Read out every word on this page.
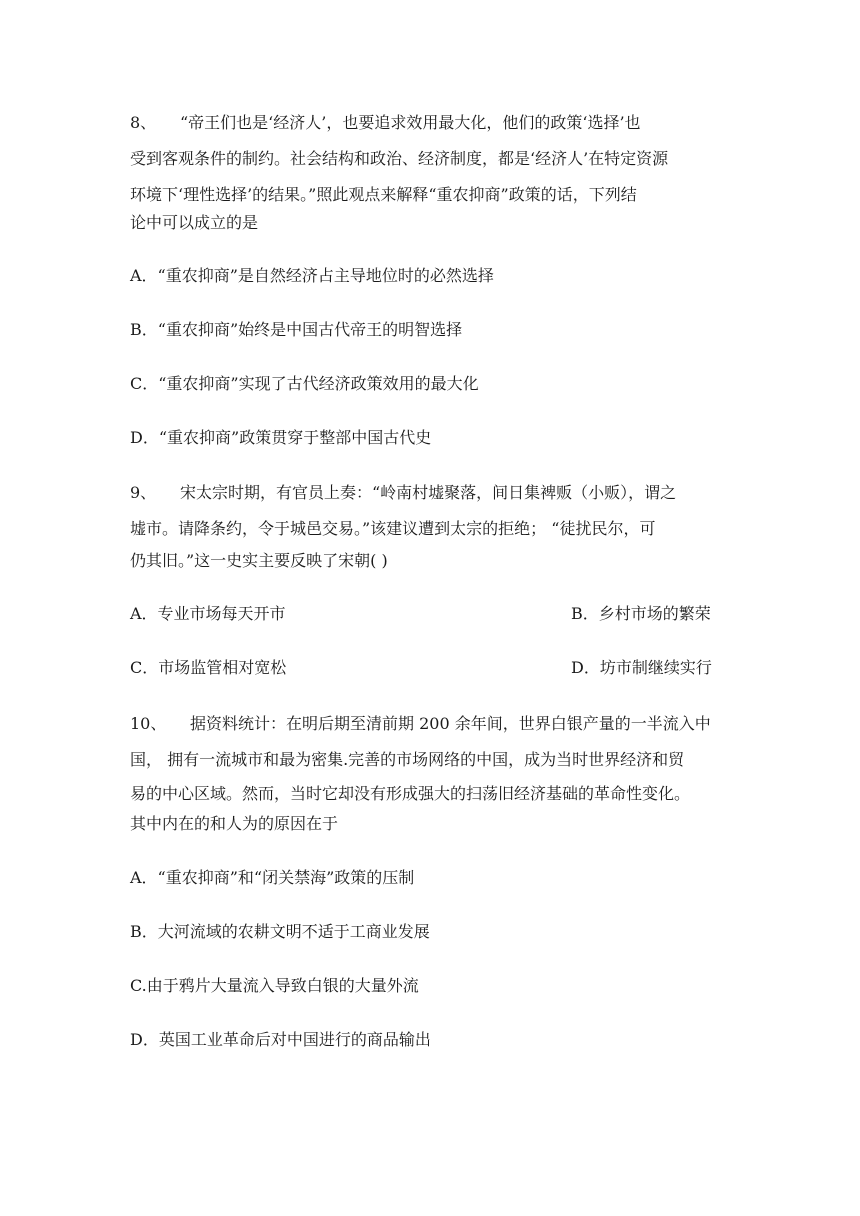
8、 “帝王们也是‘经济人’，也要追求效用最大化，他们的政策‘选择’也
受到客观条件的制约。社会结构和政治、经济制度，都是‘经济人’在特定资源
环境下‘理性选择’的结果。”照此观点来解释“重农抑商”政策的话，下列结
论中可以成立的是
A．“重农抑商”是自然经济占主导地位时的必然选择
B．“重农抑商”始终是中国古代帝王的明智选择
C．“重农抑商”实现了古代经济政策效用的最大化
D．“重农抑商”政策贯穿于整部中国古代史
9、 宋太宗时期，有官员上奏：“岭南村墟聚落，间日集裨贩（小贩），谓之
墟市。请降条约，令于城邑交易。”该建议遭到太宗的拒绝； “徒扰民尔，可
仍其旧。”这一史实主要反映了宋朝( )
A．专业市场每天开市	B．乡村市场的繁荣
C．市场监管相对宽松	D．坊市制继续实行
10、 据资料统计：在明后期至清前期 200 余年间，世界白银产量的一半流入中
国， 拥有一流城市和最为密集.完善的市场网络的中国，成为当时世界经济和贸
易的中心区域。然而，当时它却没有形成强大的扫荡旧经济基础的革命性变化。
其中内在的和人为的原因在于
A．“重农抑商”和“闭关禁海”政策的压制
B．大河流域的农耕文明不适于工商业发展
C.由于鸦片大量流入导致白银的大量外流
D．英国工业革命后对中国进行的商品输出
